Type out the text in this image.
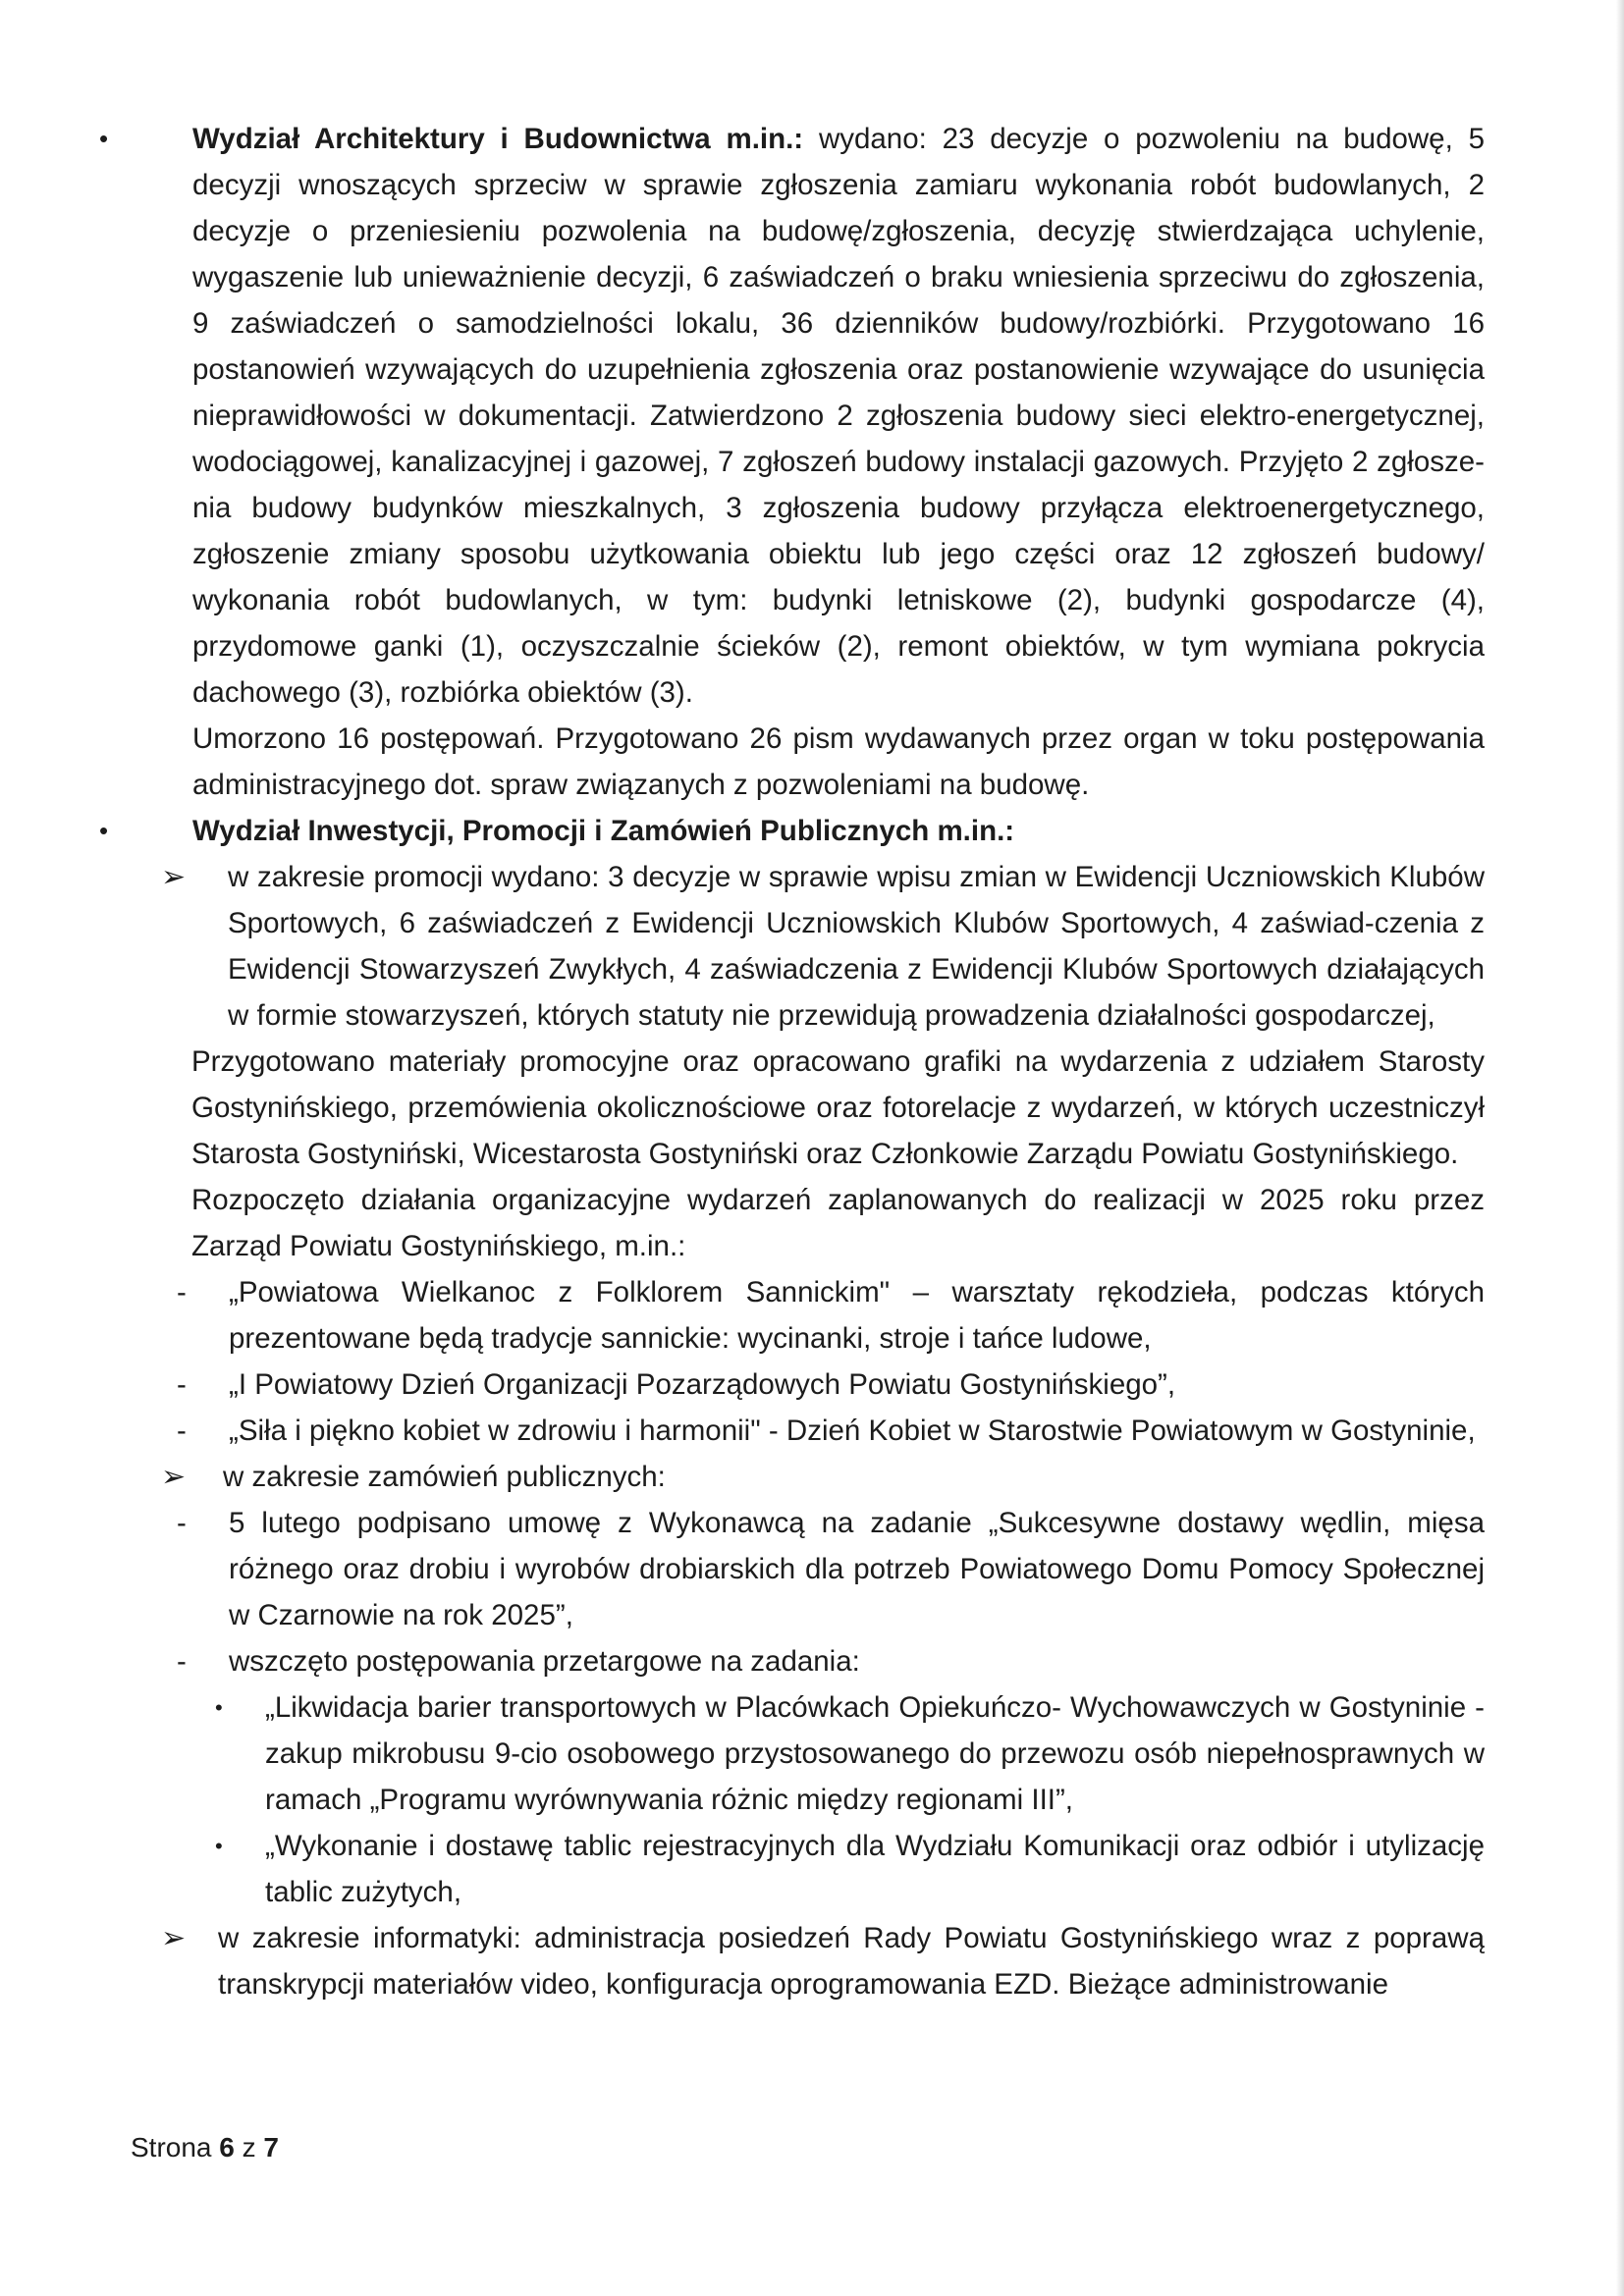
•	Wydział Architektury i Budownictwa m.in.: wydano: 23 decyzje o pozwoleniu na budowę, 5 decyzji wnoszących sprzeciw w sprawie zgłoszenia zamiaru wykonania robót budowlanych, 2 decyzje o przeniesieniu pozwolenia na budowę/zgłoszenia, decyzję stwierdzająca uchylenie, wygaszenie lub unieważnienie decyzji, 6 zaświadczeń o braku wniesienia sprzeciwu do zgłoszenia, 9 zaświadczeń o samodzielności lokalu, 36 dzienników budowy/rozbiórki. Przygotowano 16 postanowień wzywających do uzupełnienia zgłoszenia oraz postanowienie wzywające do usunięcia nieprawidłowości w dokumentacji. Zatwierdzono 2 zgłoszenia budowy sieci elektro-energetycznej, wodociągowej, kanalizacyjnej i gazowej, 7 zgłoszeń budowy instalacji gazowych. Przyjęto 2 zgłosze-nia budowy budynków mieszkalnych, 3 zgłoszenia budowy przyłącza elektroenergetycznego, zgłoszenie zmiany sposobu użytkowania obiektu lub jego części oraz 12 zgłoszeń budowy/ wykonania robót budowlanych, w tym: budynki letniskowe (2), budynki gospodarcze (4), przydomowe ganki (1), oczyszczalnie ścieków (2), remont obiektów, w tym wymiana pokrycia dachowego (3), rozbiórka obiektów (3).

Umorzono 16 postępowań. Przygotowano 26 pism wydawanych przez organ w toku postępowania administracyjnego dot. spraw związanych z pozwoleniami na budowę.

•	Wydział Inwestycji, Promocji i Zamówień Publicznych m.in.:
➢ w zakresie promocji wydano: 3 decyzje w sprawie wpisu zmian w Ewidencji Uczniowskich Klubów Sportowych, 6 zaświadczeń z Ewidencji Uczniowskich Klubów Sportowych, 4 zaświad-czenia z Ewidencji Stowarzyszeń Zwykłych, 4 zaświadczenia z Ewidencji Klubów Sportowych działających w formie stowarzyszeń, których statuty nie przewidują prowadzenia działalności gospodarczej,

Przygotowano materiały promocyjne oraz opracowano grafiki na wydarzenia z udziałem Starosty Gostynińskiego, przemówienia okolicznościowe oraz fotorelacje z wydarzeń, w których uczestniczył Starosta Gostyniński, Wicestarosta Gostyniński oraz Członkowie Zarządu Powiatu Gostynińskiego.

Rozpoczęto działania organizacyjne wydarzeń zaplanowanych do realizacji w 2025 roku przez Zarząd Powiatu Gostynińskiego, m.in.:

- „Powiatowa Wielkanoc z Folklorem Sannickim" – warsztaty rękodzieła, podczas których prezentowane będą tradycje sannickie: wycinanki, stroje i tańce ludowe,
- „I Powiatowy Dzień Organizacji Pozarządowych Powiatu Gostynińskiego”,
- „Siła i piękno kobiet w zdrowiu i harmonii" - Dzień Kobiet w Starostwie Powiatowym w Gostyninie,
➢ w zakresie zamówień publicznych:
- 5 lutego podpisano umowę z Wykonawcą na zadanie „Sukcesywne dostawy wędlin, mięsa różnego oraz drobiu i wyrobów drobiarskich dla potrzeb Powiatowego Domu Pomocy Społecznej w Czarnowie na rok 2025”,
- wszczęto postępowania przetargowe na zadania:
• „Likwidacja barier transportowych w Placówkach Opiekuńczo- Wychowawczych w Gostyninie - zakup mikrobusu 9-cio osobowego przystosowanego do przewozu osób niepełnosprawnych w ramach „Programu wyrównywania różnic między regionami III”,
• „Wykonanie i dostawę tablic rejestracyjnych dla Wydziału Komunikacji oraz odbiór i utylizację tablic zużytych,
➢ w zakresie informatyki: administracja posiedzeń Rady Powiatu Gostynińskiego wraz z poprawą transkrypcji materiałów video, konfiguracja oprogramowania EZD. Bieżące administrowanie
Strona 6 z 7
